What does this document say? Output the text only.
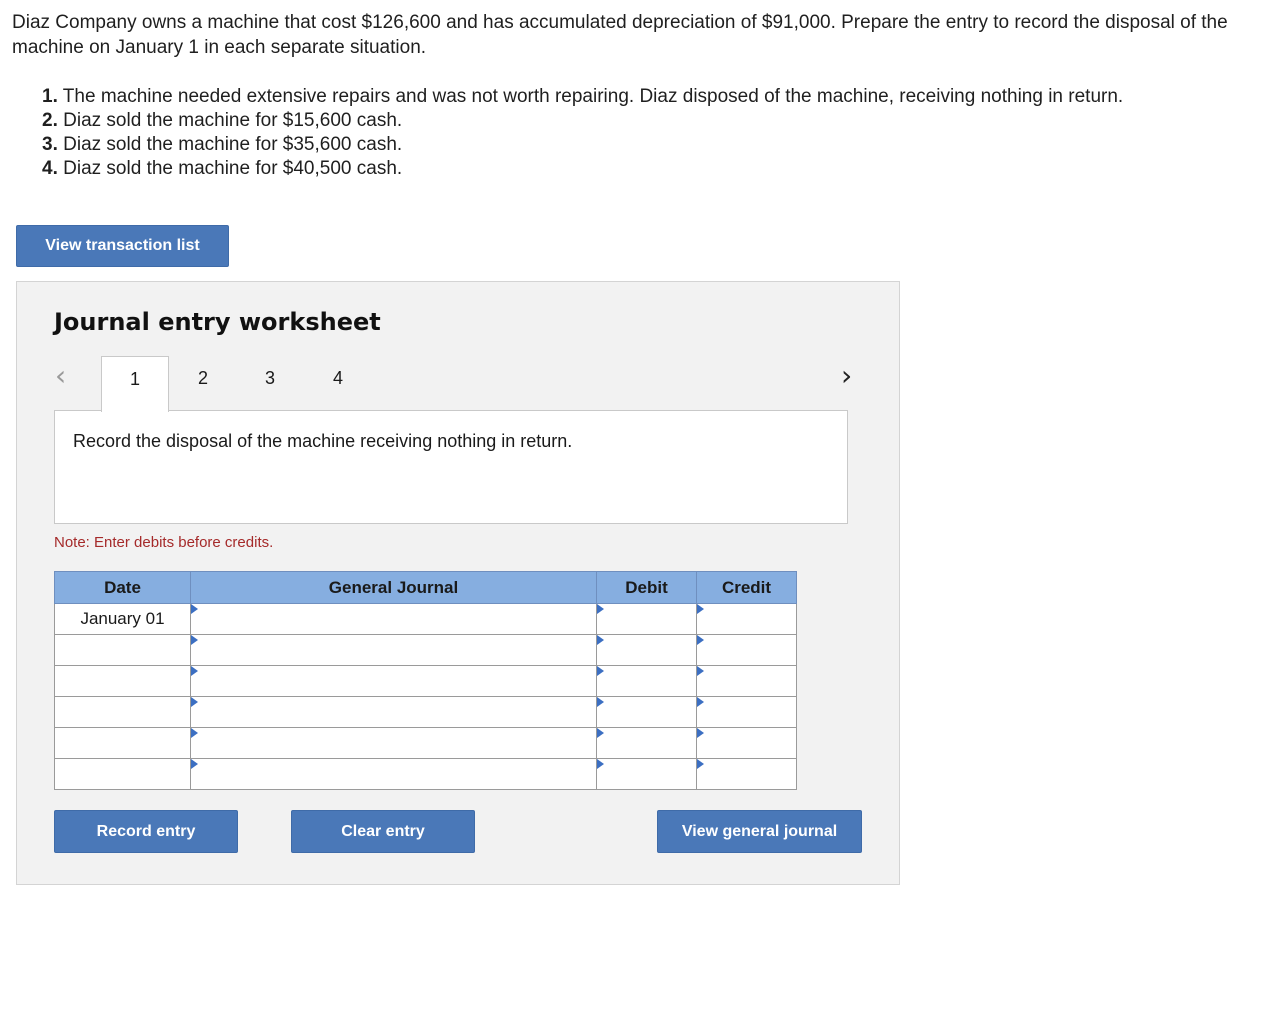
Diaz Company owns a machine that cost $126,600 and has accumulated depreciation of $91,000. Prepare the entry to record the disposal of the machine on January 1 in each separate situation.

1. The machine needed extensive repairs and was not worth repairing. Diaz disposed of the machine, receiving nothing in return.
2. Diaz sold the machine for $15,600 cash.
3. Diaz sold the machine for $35,600 cash.
4. Diaz sold the machine for $40,500 cash.
View transaction list
Journal entry worksheet
‹	1	2	3	4	›
Record the disposal of the machine receiving nothing in return.
Note: Enter debits before credits.
Date	General Journal	Debit	Credit
January 01			

Record entry	Clear entry	View general journal
